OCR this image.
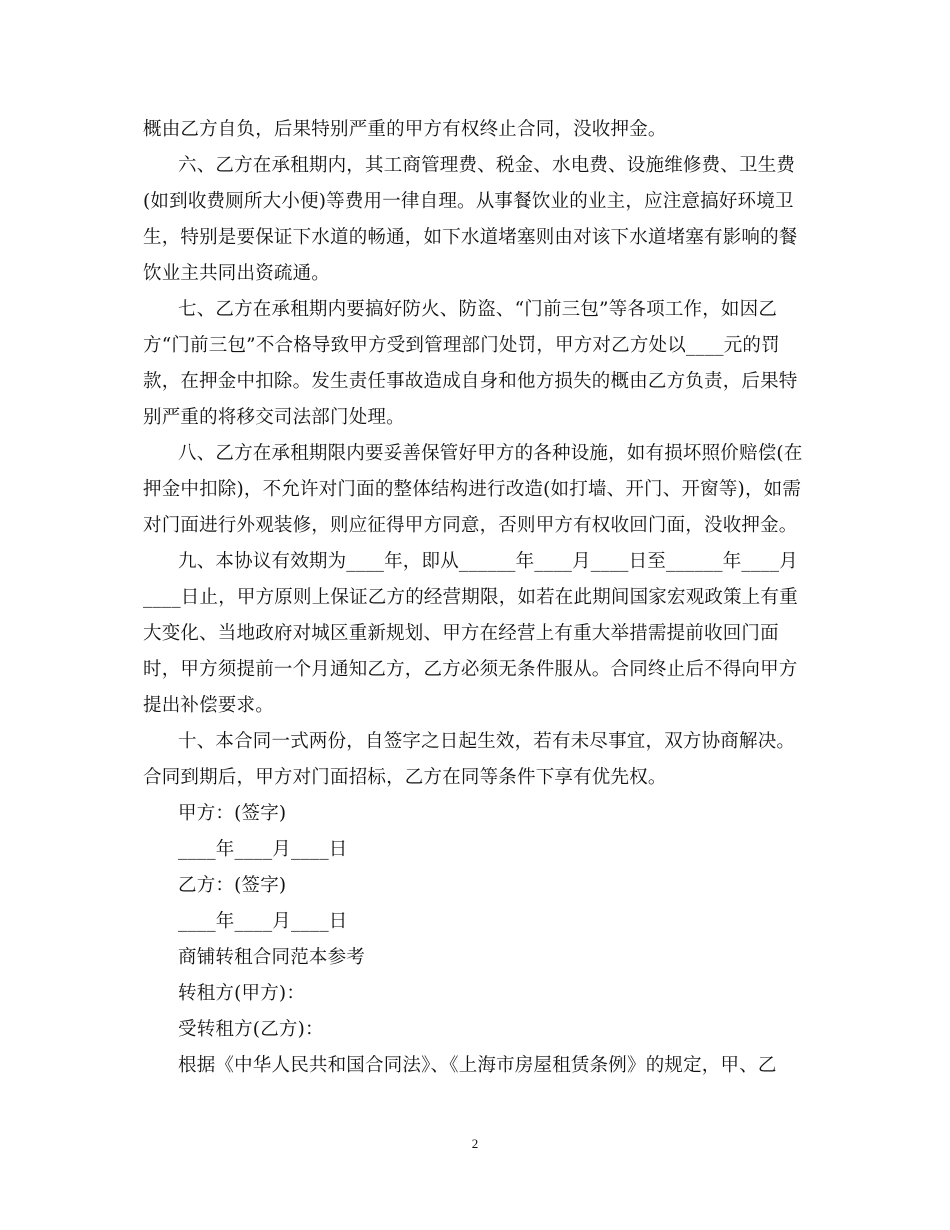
概由乙方自负，后果特别严重的甲方有权终止合同，没收押金。
六、乙方在承租期内，其工商管理费、税金、水电费、设施维修费、卫生费
(如到收费厕所大小便)等费用一律自理。从事餐饮业的业主，应注意搞好环境卫
生，特别是要保证下水道的畅通，如下水道堵塞则由对该下水道堵塞有影响的餐
饮业主共同出资疏通。
七、乙方在承租期内要搞好防火、防盗、“门前三包”等各项工作，如因乙
方“门前三包”不合格导致甲方受到管理部门处罚，甲方对乙方处以____元的罚
款，在押金中扣除。发生责任事故造成自身和他方损失的概由乙方负责，后果特
别严重的将移交司法部门处理。
八、乙方在承租期限内要妥善保管好甲方的各种设施，如有损坏照价赔偿(在
押金中扣除)，不允许对门面的整体结构进行改造(如打墙、开门、开窗等)，如需
对门面进行外观装修，则应征得甲方同意，否则甲方有权收回门面，没收押金。
九、本协议有效期为____年，即从______年____月____日至______年____月
____日止，甲方原则上保证乙方的经营期限，如若在此期间国家宏观政策上有重
大变化、当地政府对城区重新规划、甲方在经营上有重大举措需提前收回门面
时，甲方须提前一个月通知乙方，乙方必须无条件服从。合同终止后不得向甲方
提出补偿要求。
十、本合同一式两份，自签字之日起生效，若有未尽事宜，双方协商解决。
合同到期后，甲方对门面招标，乙方在同等条件下享有优先权。
甲方：(签字)
____年____月____日
乙方：(签字)
____年____月____日
商铺转租合同范本参考
转租方(甲方)：
受转租方(乙方)：
根据《中华人民共和国合同法》、《上海市房屋租赁条例》的规定，甲、乙
2
